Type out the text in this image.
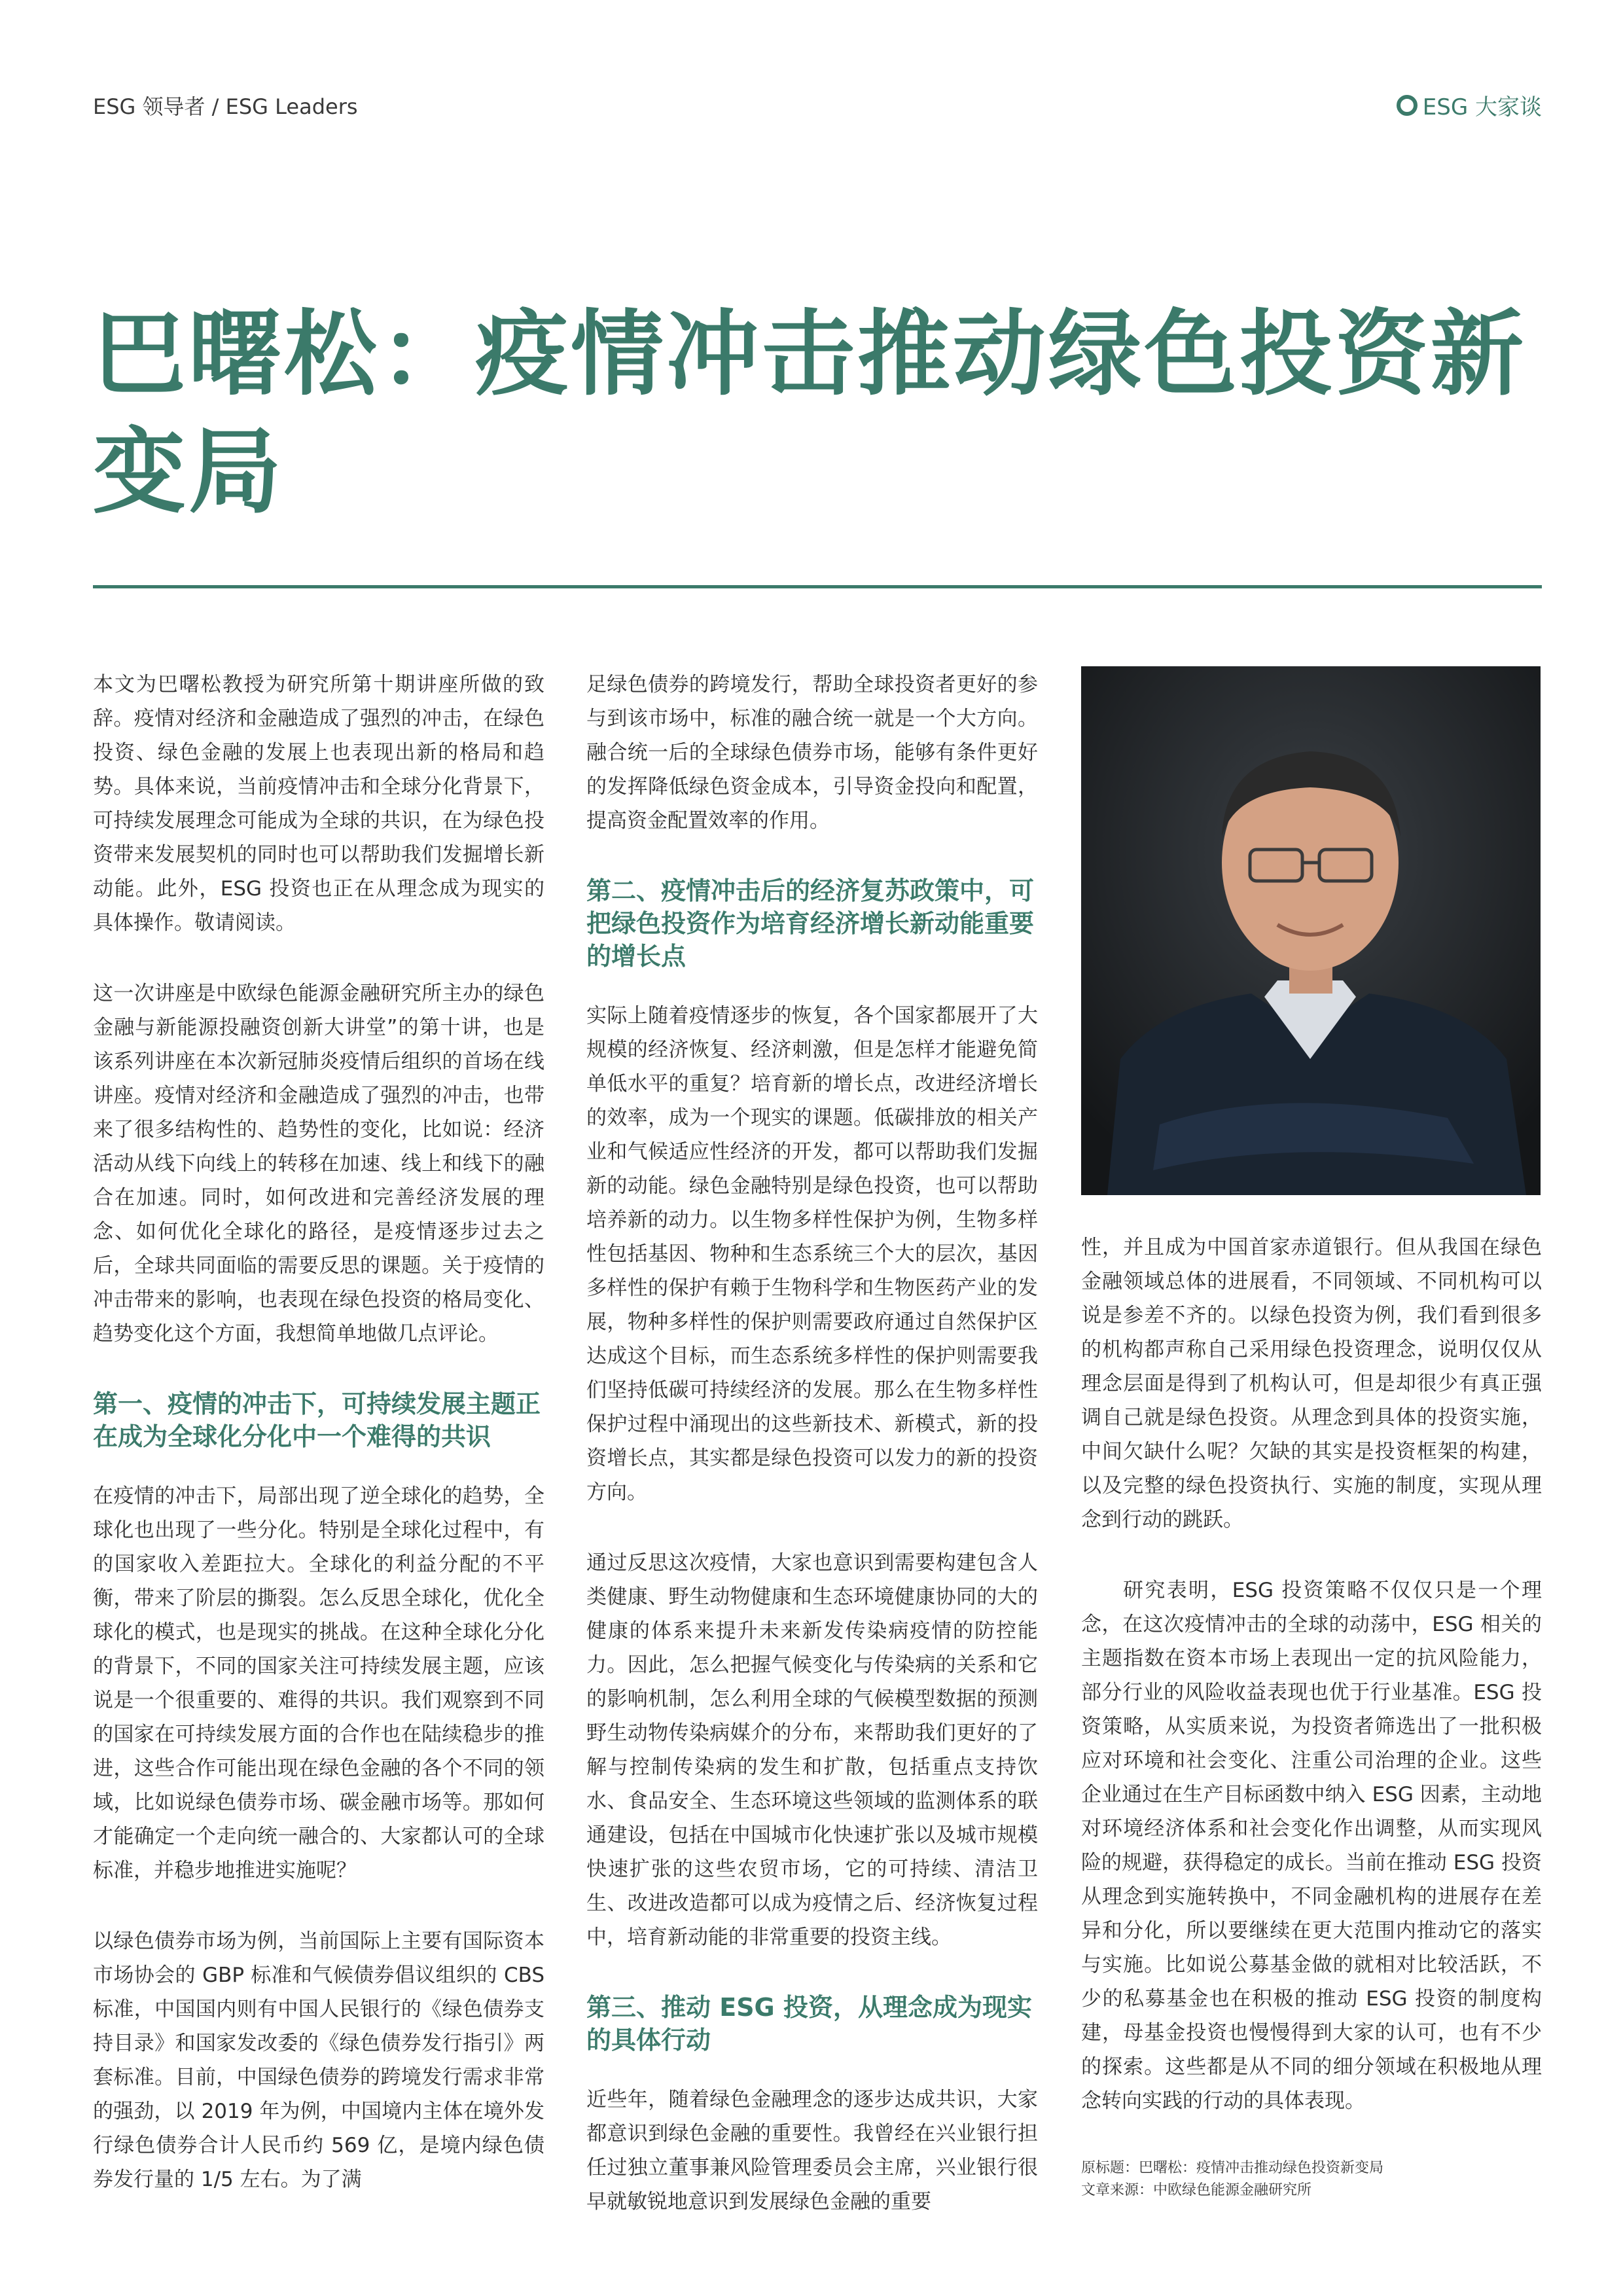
ESG 领导者 / ESG Leaders	ESG 大家谈
巴曙松：疫情冲击推动绿色投资新变局

本文为巴曙松教授为研究所第十期讲座所做的致辞。疫情对经济和金融造成了强烈的冲击，在绿色投资、绿色金融的发展上也表现出新的格局和趋势。具体来说，当前疫情冲击和全球分化背景下，可持续发展理念可能成为全球的共识，在为绿色投资带来发展契机的同时也可以帮助我们发掘增长新动能。此外，ESG 投资也正在从理念成为现实的具体操作。敬请阅读。

这一次讲座是中欧绿色能源金融研究所主办的绿色金融与新能源投融资创新大讲堂”的第十讲，也是该系列讲座在本次新冠肺炎疫情后组织的首场在线讲座。疫情对经济和金融造成了强烈的冲击，也带来了很多结构性的、趋势性的变化，比如说：经济活动从线下向线上的转移在加速、线上和线下的融合在加速。同时，如何改进和完善经济发展的理念、如何优化全球化的路径，是疫情逐步过去之后，全球共同面临的需要反思的课题。关于疫情的冲击带来的影响，也表现在绿色投资的格局变化、趋势变化这个方面，我想简单地做几点评论。

第一、疫情的冲击下，可持续发展主题正在成为全球化分化中一个难得的共识

在疫情的冲击下，局部出现了逆全球化的趋势，全球化也出现了一些分化。特别是全球化过程中，有的国家收入差距拉大。全球化的利益分配的不平衡，带来了阶层的撕裂。怎么反思全球化，优化全球化的模式，也是现实的挑战。在这种全球化分化的背景下，不同的国家关注可持续发展主题，应该说是一个很重要的、难得的共识。我们观察到不同的国家在可持续发展方面的合作也在陆续稳步的推进，这些合作可能出现在绿色金融的各个不同的领域，比如说绿色债券市场、碳金融市场等。那如何才能确定一个走向统一融合的、大家都认可的全球标准，并稳步地推进实施呢？

以绿色债券市场为例，当前国际上主要有国际资本市场协会的 GBP 标准和气候债券倡议组织的 CBS 标准，中国国内则有中国人民银行的《绿色债券支持目录》和国家发改委的《绿色债券发行指引》两套标准。目前，中国绿色债券的跨境发行需求非常的强劲，以 2019 年为例，中国境内主体在境外发行绿色债券合计人民币约 569 亿，是境内绿色债券发行量的 1/5 左右。为了满

足绿色债券的跨境发行，帮助全球投资者更好的参与到该市场中，标准的融合统一就是一个大方向。融合统一后的全球绿色债券市场，能够有条件更好的发挥降低绿色资金成本，引导资金投向和配置，提高资金配置效率的作用。

第二、疫情冲击后的经济复苏政策中，可把绿色投资作为培育经济增长新动能重要的增长点

实际上随着疫情逐步的恢复，各个国家都展开了大规模的经济恢复、经济刺激，但是怎样才能避免简单低水平的重复？培育新的增长点，改进经济增长的效率，成为一个现实的课题。低碳排放的相关产业和气候适应性经济的开发，都可以帮助我们发掘新的动能。绿色金融特别是绿色投资，也可以帮助培养新的动力。以生物多样性保护为例，生物多样性包括基因、物种和生态系统三个大的层次，基因多样性的保护有赖于生物科学和生物医药产业的发展，物种多样性的保护则需要政府通过自然保护区达成这个目标，而生态系统多样性的保护则需要我们坚持低碳可持续经济的发展。那么在生物多样性保护过程中涌现出的这些新技术、新模式，新的投资增长点，其实都是绿色投资可以发力的新的投资方向。

通过反思这次疫情，大家也意识到需要构建包含人类健康、野生动物健康和生态环境健康协同的大的健康的体系来提升未来新发传染病疫情的防控能力。因此，怎么把握气候变化与传染病的关系和它的影响机制，怎么利用全球的气候模型数据的预测野生动物传染病媒介的分布，来帮助我们更好的了解与控制传染病的发生和扩散，包括重点支持饮水、食品安全、生态环境这些领域的监测体系的联通建设，包括在中国城市化快速扩张以及城市规模快速扩张的这些农贸市场，它的可持续、清洁卫生、改进改造都可以成为疫情之后、经济恢复过程中，培育新动能的非常重要的投资主线。

第三、推动 ESG 投资，从理念成为现实的具体行动

近些年，随着绿色金融理念的逐步达成共识，大家都意识到绿色金融的重要性。我曾经在兴业银行担任过独立董事兼风险管理委员会主席，兴业银行很早就敏锐地意识到发展绿色金融的重要

性，并且成为中国首家赤道银行。但从我国在绿色金融领域总体的进展看，不同领域、不同机构可以说是参差不齐的。以绿色投资为例，我们看到很多的机构都声称自己采用绿色投资理念，说明仅仅从理念层面是得到了机构认可，但是却很少有真正强调自己就是绿色投资。从理念到具体的投资实施，中间欠缺什么呢？欠缺的其实是投资框架的构建，以及完整的绿色投资执行、实施的制度，实现从理念到行动的跳跃。

研究表明，ESG 投资策略不仅仅只是一个理念，在这次疫情冲击的全球的动荡中，ESG 相关的主题指数在资本市场上表现出一定的抗风险能力，部分行业的风险收益表现也优于行业基准。ESG 投资策略，从实质来说，为投资者筛选出了一批积极应对环境和社会变化、注重公司治理的企业。这些企业通过在生产目标函数中纳入 ESG 因素，主动地对环境经济体系和社会变化作出调整，从而实现风险的规避，获得稳定的成长。当前在推动 ESG 投资从理念到实施转换中，不同金融机构的进展存在差异和分化，所以要继续在更大范围内推动它的落实与实施。比如说公募基金做的就相对比较活跃，不少的私募基金也在积极的推动 ESG 投资的制度构建，母基金投资也慢慢得到大家的认可，也有不少的探索。这些都是从不同的细分领域在积极地从理念转向实践的行动的具体表现。

原标题：巴曙松：疫情冲击推动绿色投资新变局
文章来源：中欧绿色能源金融研究所
